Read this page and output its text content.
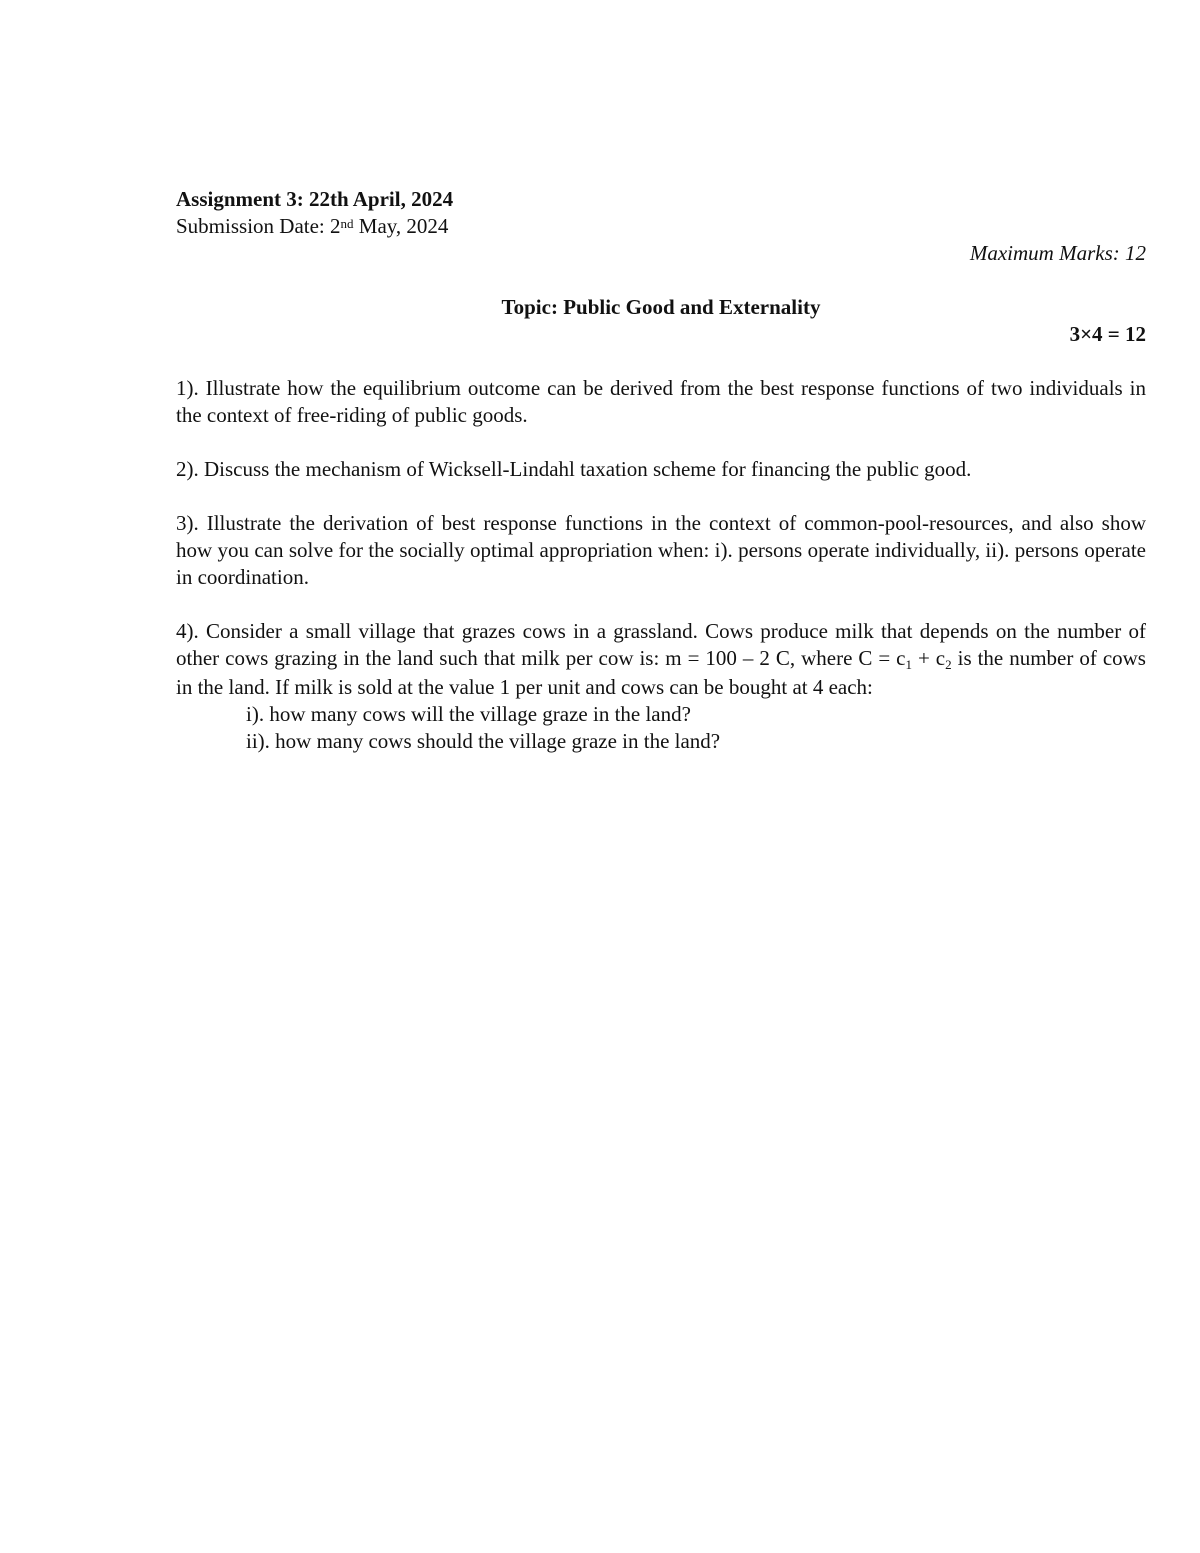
Assignment 3: 22th April, 2024
Submission Date: 2nd May, 2024
Maximum Marks: 12
Topic: Public Good and Externality
3×4 = 12
1). Illustrate how the equilibrium outcome can be derived from the best response functions of two individuals in the context of free-riding of public goods.
2). Discuss the mechanism of Wicksell-Lindahl taxation scheme for financing the public good.
3). Illustrate the derivation of best response functions in the context of common-pool-resources, and also show how you can solve for the socially optimal appropriation when: i). persons operate individually, ii). persons operate in coordination.
4). Consider a small village that grazes cows in a grassland. Cows produce milk that depends on the number of other cows grazing in the land such that milk per cow is: m = 100 – 2 C, where $C = c_1 + c_2$ is the number of cows in the land. If milk is sold at the value 1 per unit and cows can be bought at 4 each:
i). how many cows will the village graze in the land?
ii). how many cows should the village graze in the land?
